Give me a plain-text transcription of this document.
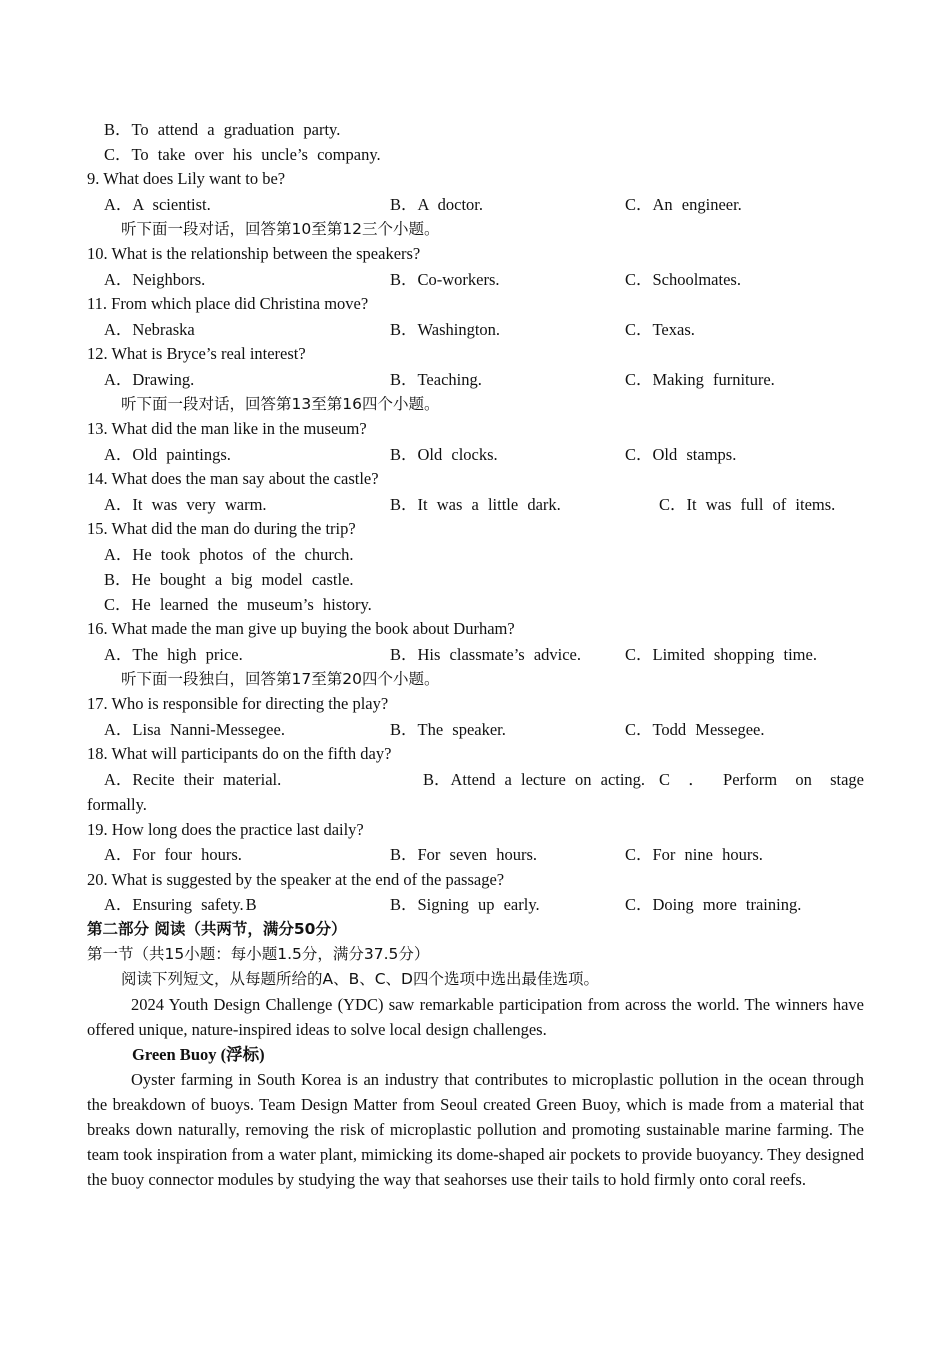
B．To attend a graduation party.
C．To take over his uncle’s company.
9. What does Lily want to be?
A．A scientist.	B．A doctor.	C．An engineer.
听下面一段对话，回答第10至第12三个小题。
10. What is the relationship between the speakers?
A．Neighbors.	B．Co-workers.	C．Schoolmates.
11. From which place did Christina move?
A．Nebraska	B．Washington.	C．Texas.
12. What is Bryce’s real interest?
A．Drawing.	B．Teaching.	C．Making furniture.
听下面一段对话，回答第13至第16四个小题。
13. What did the man like in the museum?
A．Old paintings.	B．Old clocks.	C．Old stamps.
14. What does the man say about the castle?
A．It was very warm.	B．It was a little dark.	C．It was full of items.
15. What did the man do during the trip?
A．He took photos of the church.
B．He bought a big model castle.
C．He learned the museum’s history.
16. What made the man give up buying the book about Durham?
A．The high price.	B．His classmate’s advice.	C．Limited shopping time.
听下面一段独白，回答第17至第20四个小题。
17. Who is responsible for directing the play?
A．Lisa Nanni-Messegee.	B．The speaker.	C．Todd Messegee.
18. What will participants do on the fifth day?
A．Recite their material.	B．Attend a lecture on acting. C ． Perform on stage
formally.
19. How long does the practice last daily?
A．For four hours.	B．For seven hours.	C．For nine hours.
20. What is suggested by the speaker at the end of the passage?
A．Ensuring safety. B	B．Signing up early.	C．Doing more training.
第二部分 阅读（共两节，满分50分）
第一节（共15小题：每小题1.5分，满分37.5分）
阅读下列短文，从每题所给的A、B、C、D四个选项中选出最佳选项。
2024 Youth Design Challenge (YDC) saw remarkable participation from across the world. The winners have offered unique, nature-inspired ideas to solve local design challenges.
Green Buoy (浮标)
Oyster farming in South Korea is an industry that contributes to microplastic pollution in the ocean through the breakdown of buoys. Team Design Matter from Seoul created Green Buoy, which is made from a material that breaks down naturally, removing the risk of microplastic pollution and promoting sustainable marine farming. The team took inspiration from a water plant, mimicking its dome-shaped air pockets to provide buoyancy. They designed the buoy connector modules by studying the way that seahorses use their tails to hold firmly onto coral reefs.
